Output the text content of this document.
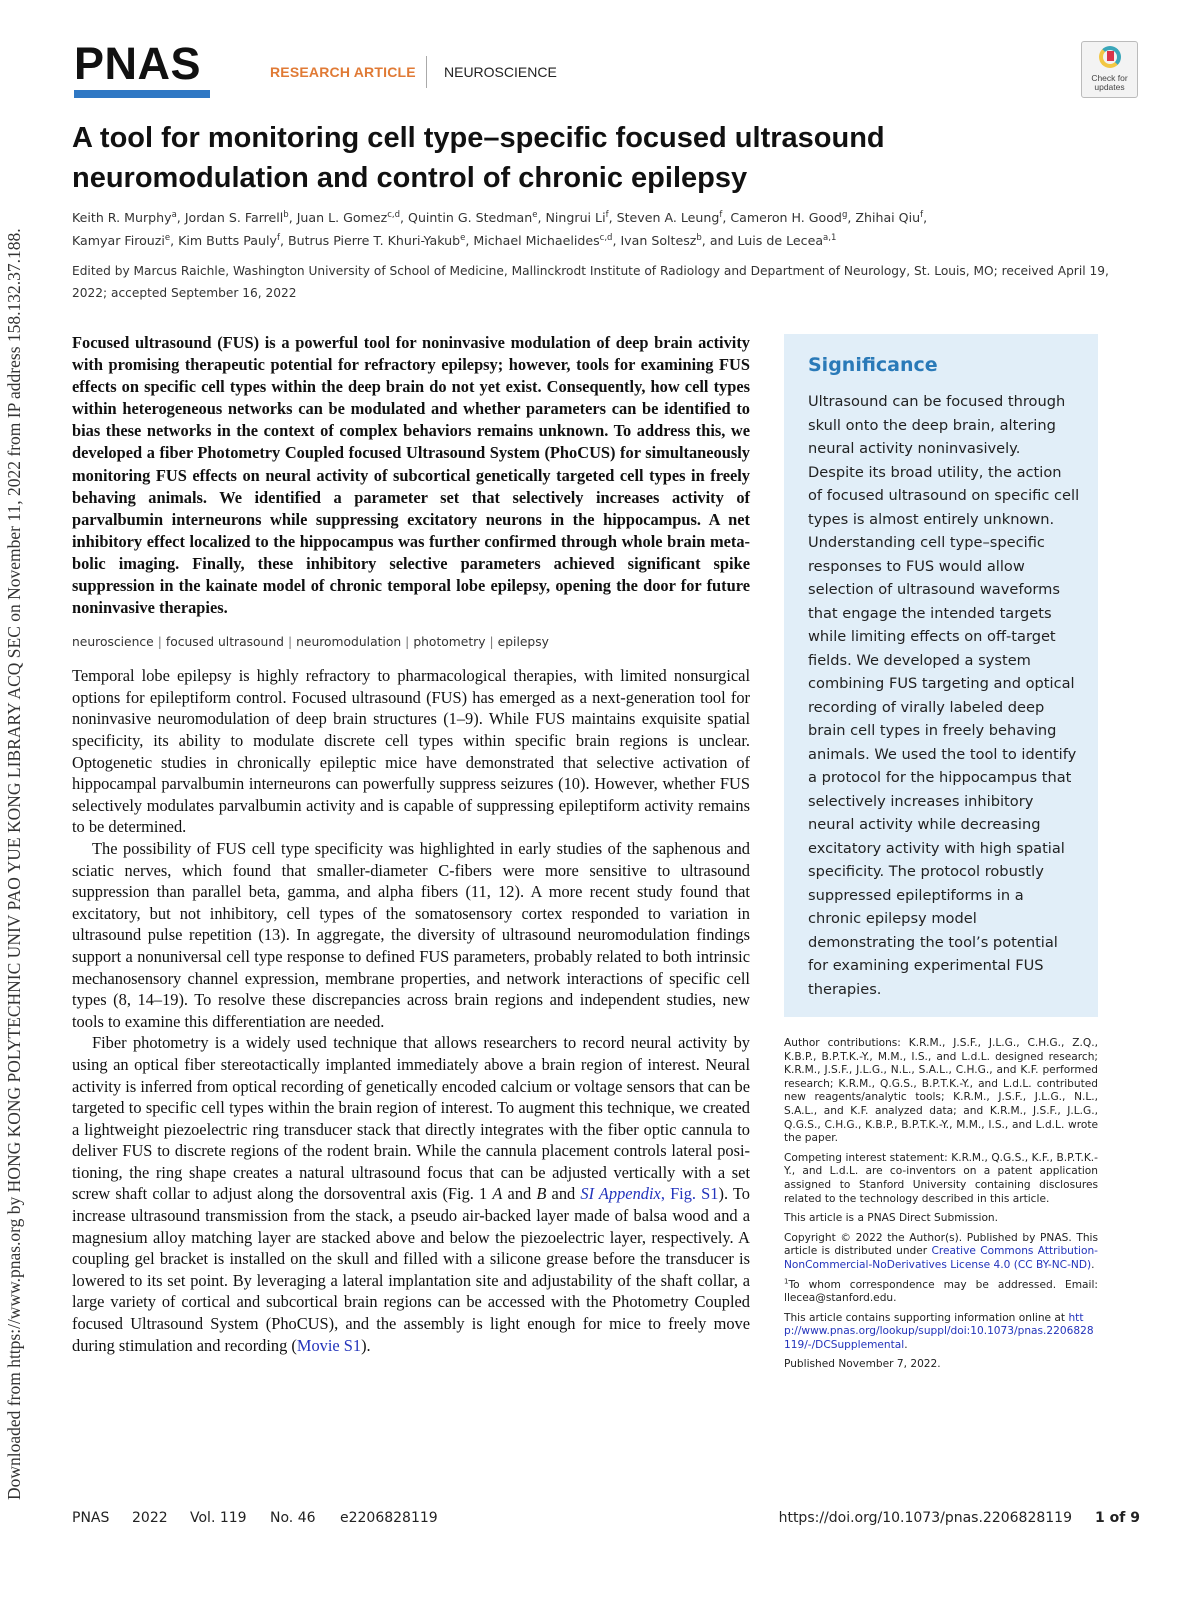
Downloaded from https://www.pnas.org by HONG KONG POLYTECHNIC UNIV PAO YUE KONG LIBRARY ACQ SEC on November 11, 2022 from IP address 158.132.37.188.
PNAS	RESEARCH ARTICLE NEUROSCIENCE	Check for updates
A tool for monitoring cell type–specific focused ultrasound neuromodulation and control of chronic epilepsy
Keith R. Murphy$^a$, Jordan S. Farrell$^b$, Juan L. Gomez$^{c,d}$, Quintin G. Stedman$^e$, Ningrui Li$^f$, Steven A. Leung$^f$, Cameron H. Good$^g$, Zhihai Qiu$^f$,
Kamyar Firouzi$^e$, Kim Butts Pauly$^f$, Butrus Pierre T. Khuri-Yakub$^e$, Michael Michaelides$^{c,d}$, Ivan Soltesz$^b$, and Luis de Lecea$^{a,1}$
Edited by Marcus Raichle, Washington University of School of Medicine, Mallinckrodt Institute of Radiology and Department of Neurology, St. Louis, MO; received April 19, 2022; accepted September 16, 2022

Focused ultrasound (FUS) is a powerful tool for noninvasive modulation of deep brain activity with promising therapeutic potential for refractory epilepsy; however, tools for examining FUS effects on specific cell types within the deep brain do not yet exist. Consequently, how cell types within heterogeneous networks can be modulated and whether parameters can be identified to bias these networks in the context of complex behaviors remains unknown. To address this, we developed a fiber Photometry Coupled focused Ultrasound System (PhoCUS) for simultaneously monitoring FUS effects on neural activity of subcortical genetically targeted cell types in freely behaving animals. We identified a parameter set that selectively increases activity of parvalbumin interneurons while suppressing excitatory neurons in the hippocampus. A net inhibitory effect localized to the hippocampus was further confirmed through whole brain metabolic imaging. Finally, these inhibitory selective parameters achieved significant spike suppression in the kainate model of chronic temporal lobe epilepsy, opening the door for future noninvasive therapies.

neuroscience | focused ultrasound | neuromodulation | photometry | epilepsy

Temporal lobe epilepsy is highly refractory to pharmacological therapies, with limited nonsurgical options for epileptiform control. Focused ultrasound (FUS) has emerged as a next-generation tool for noninvasive neuromodulation of deep brain structures (1–9). While FUS maintains exquisite spatial specificity, its ability to modulate discrete cell types within specific brain regions is unclear. Optogenetic studies in chronically epileptic mice have demonstrated that selective activation of hippocampal parvalbumin interneurons can powerfully suppress seizures (10). However, whether FUS selectively modulates parvalbumin activity and is capable of suppressing epileptiform activity remains to be determined.

The possibility of FUS cell type specificity was highlighted in early studies of the saphenous and sciatic nerves, which found that smaller-diameter C-fibers were more sensitive to ultrasound suppression than parallel beta, gamma, and alpha fibers (11, 12). A more recent study found that excitatory, but not inhibitory, cell types of the somatosensory cortex responded to variation in ultrasound pulse repetition (13). In aggregate, the diversity of ultrasound neuromodulation findings support a nonuniversal cell type response to defined FUS parameters, probably related to both intrinsic mechanosensory channel expression, membrane properties, and network interactions of specific cell types (8, 14–19). To resolve these discrepancies across brain regions and independent studies, new tools to examine this differentiation are needed.

Fiber photometry is a widely used technique that allows researchers to record neural activity by using an optical fiber stereotactically implanted immediately above a brain region of interest. Neural activity is inferred from optical recording of genetically encoded calcium or voltage sensors that can be targeted to specific cell types within the brain region of interest. To augment this technique, we created a lightweight piezoelectric ring transducer stack that directly integrates with the fiber optic cannula to deliver FUS to discrete regions of the rodent brain. While the cannula placement controls lateral positioning, the ring shape creates a natural ultrasound focus that can be adjusted vertically with a set screw shaft collar to adjust along the dorsoventral axis (Fig. 1 A and B and SI Appendix, Fig. S1). To increase ultrasound transmission from the stack, a pseudo air-backed layer made of balsa wood and a magnesium alloy matching layer are stacked above and below the piezoelectric layer, respectively. A coupling gel bracket is installed on the skull and filled with a silicone grease before the transducer is lowered to its set point. By leveraging a lateral implantation site and adjustability of the shaft collar, a large variety of cortical and subcortical brain regions can be accessed with the Photometry Coupled focused Ultrasound System (PhoCUS), and the assembly is light enough for mice to freely move during stimulation and recording (Movie S1).

Significance

Ultrasound can be focused through skull onto the deep brain, altering neural activity noninvasively. Despite its broad utility, the action of focused ultrasound on specific cell types is almost entirely unknown. Understanding cell type–specific responses to FUS would allow selection of ultrasound waveforms that engage the intended targets while limiting effects on off-target fields. We developed a system combining FUS targeting and optical recording of virally labeled deep brain cell types in freely behaving animals. We used the tool to identify a protocol for the hippocampus that selectively increases inhibitory neural activity while decreasing excitatory activity with high spatial specificity. The protocol robustly suppressed epileptiforms in a chronic epilepsy model demonstrating the tool’s potential for examining experimental FUS therapies.

Author contributions: K.R.M., J.S.F., J.L.G., C.H.G., Z.Q., K.B.P., B.P.T.K.-Y., M.M., I.S., and L.d.L. designed research; K.R.M., J.S.F., J.L.G., N.L., S.A.L., C.H.G., and K.F. performed research; K.R.M., Q.G.S., B.P.T.K.-Y., and L.d.L. contributed new reagents/analytic tools; K.R.M., J.S.F., J.L.G., N.L., S.A.L., and K.F. analyzed data; and K.R.M., J.S.F., J.L.G., Q.G.S., C.H.G., K.B.P., B.P.T.K.-Y., M.M., I.S., and L.d.L. wrote the paper.

Competing interest statement: K.R.M., Q.G.S., K.F., B.P.T.K.-Y., and L.d.L. are co-inventors on a patent application assigned to Stanford University containing disclosures related to the technology described in this article.

This article is a PNAS Direct Submission.

Copyright © 2022 the Author(s). Published by PNAS. This article is distributed under Creative Commons Attribution-NonCommercial-NoDerivatives License 4.0 (CC BY-NC-ND).

$^1$To whom correspondence may be addressed. Email: llecea@stanford.edu.

This article contains supporting information online at http://www.pnas.org/lookup/suppl/doi:10.1073/pnas.2206828119/-/DCSupplemental.

Published November 7, 2022.

PNAS 2022 Vol. 119 No. 46 e2206828119	https://doi.org/10.1073/pnas.2206828119 1 of 9
